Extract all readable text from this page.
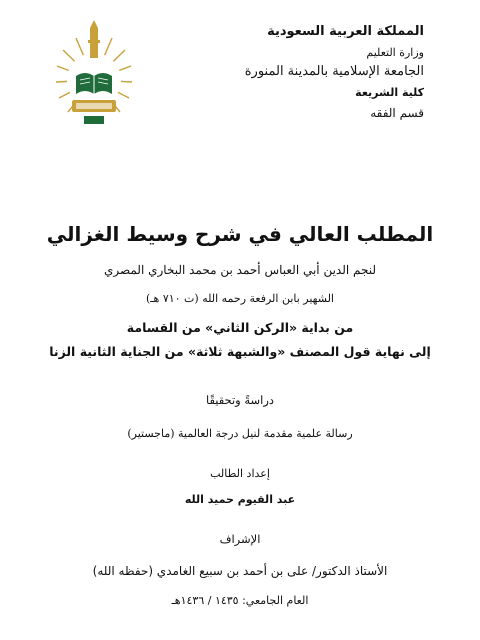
المملكة العربية السعودية
وزارة التعليم
الجامعة الإسلامية بالمدينة المنورة
كلية الشريعة
قسم الفقه
المطلب العالي في شرح وسيط الغزالي
لنجم الدين أبي العباس أحمد بن محمد البخاري المصري
الشهير بابن الرفعة رحمه الله (ت ٧١٠ هـ)
من بداية «الركن الثاني» من القسامة
إلى نهاية قول المصنف «والشبهة ثلاثة» من الجناية الثانية الزنا
دراسةً وتحقيقًا
رسالة علمية مقدمة لنيل درجة العالمية (ماجستير)
إعداد الطالب
عبد القيوم حميد الله
الإشراف
الأستاذ الدكتور/ على بن أحمد بن سبيع الغامدي (حفظه الله)
العام الجامعي: ١٤٣٥ / ١٤٣٦هـ
